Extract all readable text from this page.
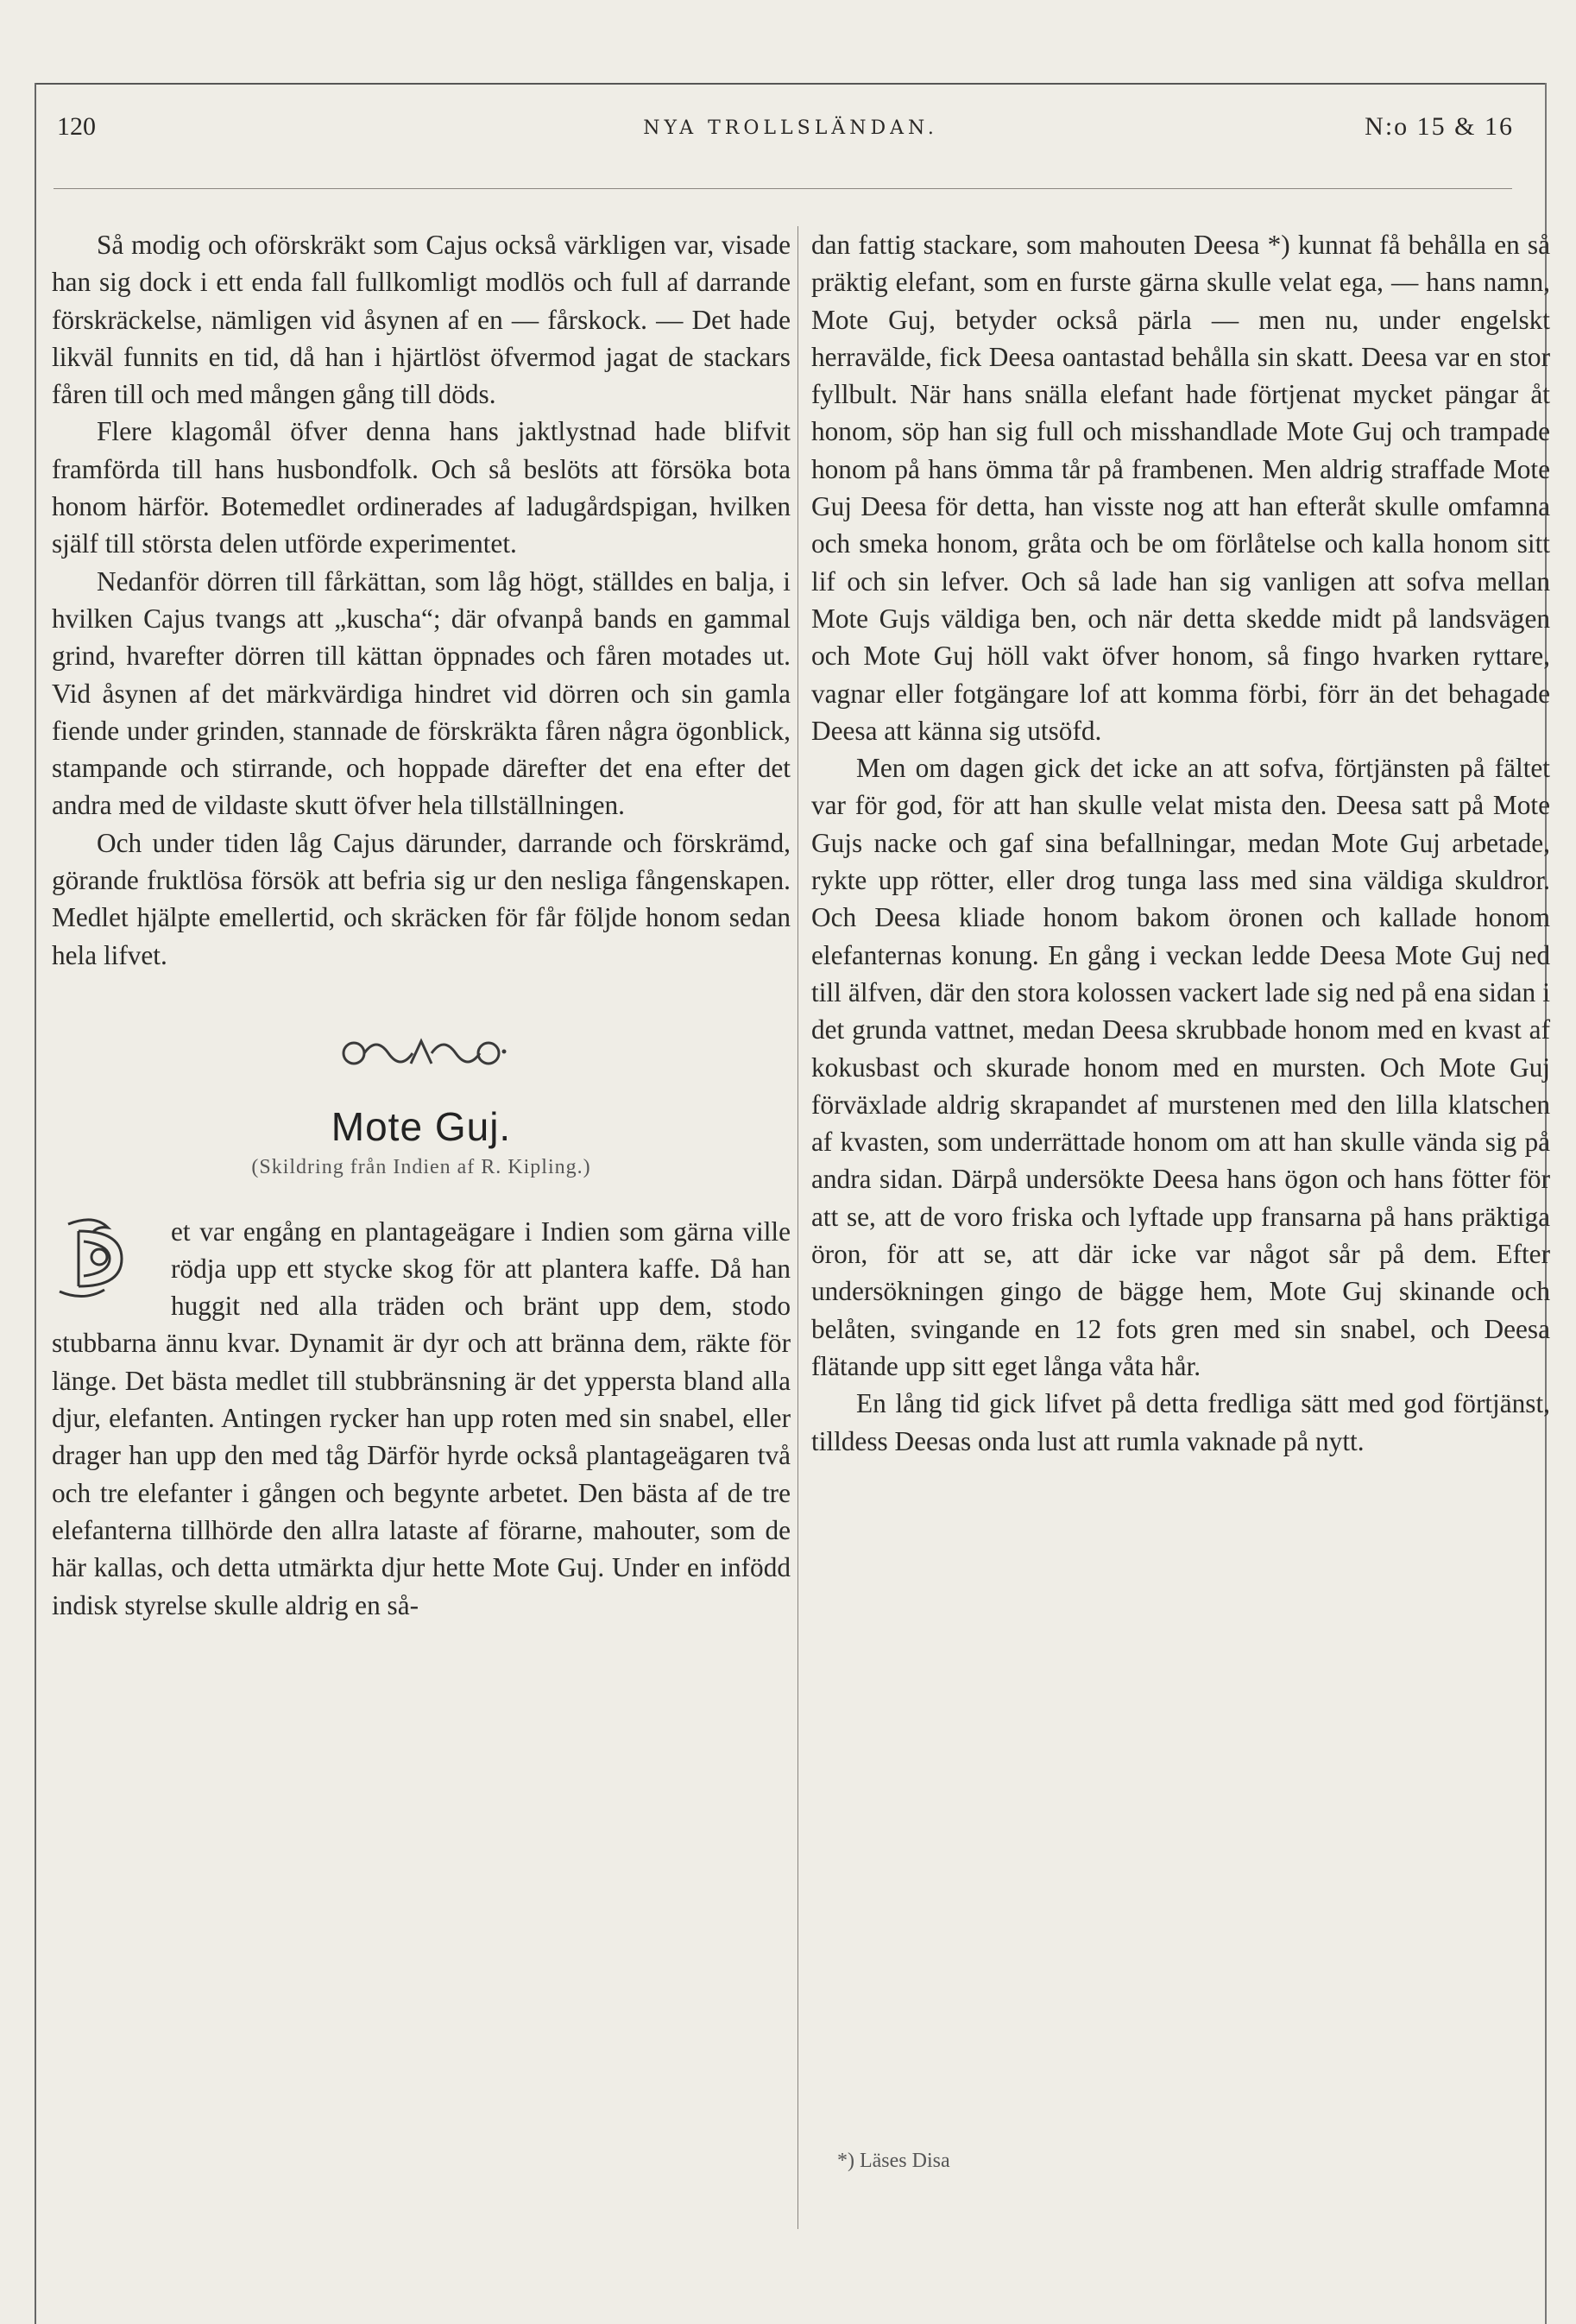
120	NYA TROLLSLÄNDAN.	N:o 15 & 16

Så modig och oförskräkt som Cajus också värkligen var, visade han sig dock i ett enda fall fullkomligt modlös och full af darrande förskräckelse, nämligen vid åsynen af en — fårskock. — Det hade likväl funnits en tid, då han i hjärtlöst öfvermod jagat de stackars fåren till och med mången gång till döds.

Flere klagomål öfver denna hans jaktlystnad hade blifvit framförda till hans husbondfolk. Och så beslöts att försöka bota honom härför. Botemedlet ordinerades af ladugårdspigan, hvilken själf till största delen utförde experimentet.

Nedanför dörren till fårkättan, som låg högt, ställdes en balja, i hvilken Cajus tvangs att „kuscha“; där ofvanpå bands en gammal grind, hvarefter dörren till kättan öppnades och fåren motades ut. Vid åsynen af det märkvärdiga hindret vid dörren och sin gamla fiende under grinden, stannade de förskräkta fåren några ögonblick, stampande och stirrande, och hoppade därefter det ena efter det andra med de vildaste skutt öfver hela tillställningen.

Och under tiden låg Cajus därunder, darrande och förskrämd, görande fruktlösa försök att befria sig ur den nesliga fångenskapen. Medlet hjälpte emellertid, och skräcken för får följde honom sedan hela lifvet.

Mote Guj.
(Skildring från Indien af R. Kipling.)

et var engång en plantageägare i Indien som gärna ville rödja upp ett stycke skog för att plantera kaffe. Då han huggit ned alla träden och bränt upp dem, stodo stubbarna ännu kvar. Dynamit är dyr och att bränna dem, räkte för länge. Det bästa medlet till stubbränsning är det yppersta bland alla djur, elefanten. Antingen rycker han upp roten med sin snabel, eller drager han upp den med tåg Därför hyrde också plantageägaren två och tre elefanter i gången och begynte arbetet. Den bästa af de tre elefanterna tillhörde den allra lataste af förarne, mahouter, som de här kallas, och detta utmärkta djur hette Mote Guj. Under en infödd indisk styrelse skulle aldrig en så-

dan fattig stackare, som mahouten Deesa *) kunnat få behålla en så präktig elefant, som en furste gärna skulle velat ega, — hans namn, Mote Guj, betyder också pärla — men nu, under engelskt herravälde, fick Deesa oantastad behålla sin skatt. Deesa var en stor fyllbult. När hans snälla elefant hade förtjenat mycket pängar åt honom, söp han sig full och misshandlade Mote Guj och trampade honom på hans ömma tår på frambenen. Men aldrig straffade Mote Guj Deesa för detta, han visste nog att han efteråt skulle omfamna och smeka honom, gråta och be om förlåtelse och kalla honom sitt lif och sin lefver. Och så lade han sig vanligen att sofva mellan Mote Gujs väldiga ben, och när detta skedde midt på landsvägen och Mote Guj höll vakt öfver honom, så fingo hvarken ryttare, vagnar eller fotgängare lof att komma förbi, förr än det behagade Deesa att känna sig utsöfd.

Men om dagen gick det icke an att sofva, förtjänsten på fältet var för god, för att han skulle velat mista den. Deesa satt på Mote Gujs nacke och gaf sina befallningar, medan Mote Guj arbetade, rykte upp rötter, eller drog tunga lass med sina väldiga skuldror. Och Deesa kliade honom bakom öronen och kallade honom elefanternas konung. En gång i veckan ledde Deesa Mote Guj ned till älfven, där den stora kolossen vackert lade sig ned på ena sidan i det grunda vattnet, medan Deesa skrubbade honom med en kvast af kokusbast och skurade honom med en mursten. Och Mote Guj förväxlade aldrig skrapandet af murstenen med den lilla klatschen af kvasten, som underrättade honom om att han skulle vända sig på andra sidan. Därpå undersökte Deesa hans ögon och hans fötter för att se, att de voro friska och lyftade upp fransarna på hans präktiga öron, för att se, att där icke var något sår på dem. Efter undersökningen gingo de bägge hem, Mote Guj skinande och belåten, svingande en 12 fots gren med sin snabel, och Deesa flätande upp sitt eget långa våta hår.

En lång tid gick lifvet på detta fredliga sätt med god förtjänst, tilldess Deesas onda lust att rumla vaknade på nytt.

*) Läses Disa
